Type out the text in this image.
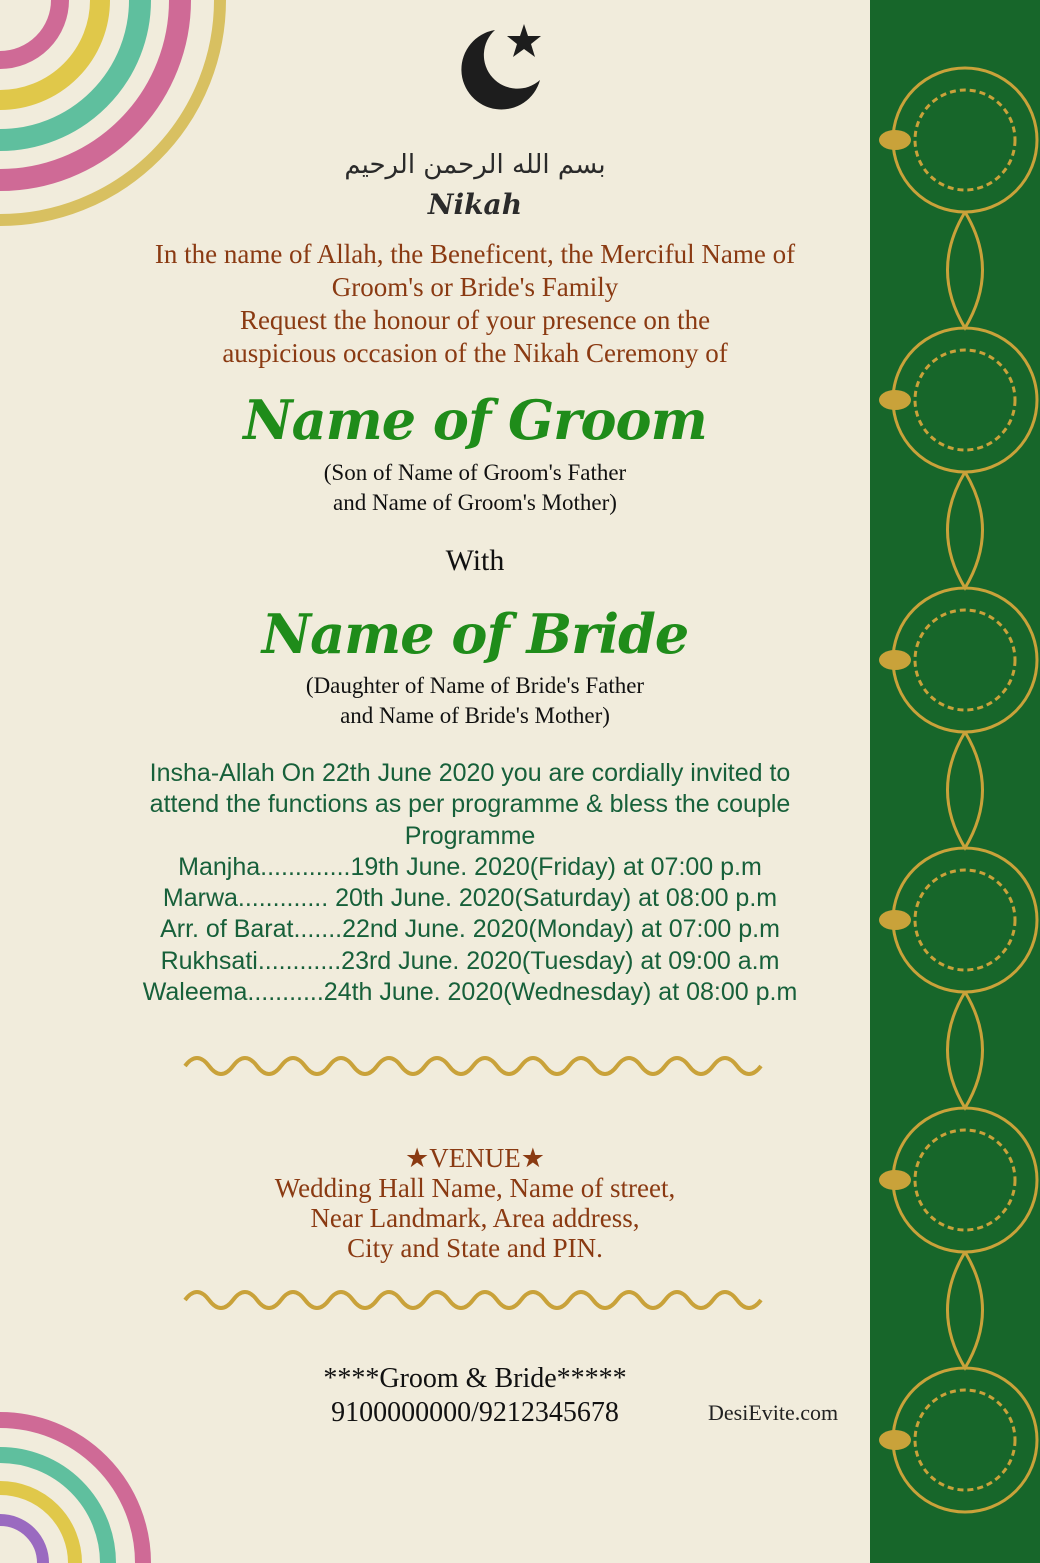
بسم الله الرحمن الرحيم
Nikah
In the name of Allah, the Beneficent, the Merciful Name of
Groom's or Bride's Family
Request the honour of your presence on the
auspicious occasion of the Nikah Ceremony of
Name of Groom
(Son of Name of Groom's Father
and Name of Groom's Mother)
With
Name of Bride
(Daughter of Name of Bride's Father
and Name of Bride's Mother)
Insha-Allah On 22th June 2020 you are cordially invited to
attend the functions as per programme & bless the couple
Programme
Manjha.............19th June. 2020(Friday) at 07:00 p.m
Marwa............. 20th June. 2020(Saturday) at 08:00 p.m
Arr. of Barat.......22nd June. 2020(Monday) at 07:00 p.m
Rukhsati............23rd June. 2020(Tuesday) at 09:00 a.m
Waleema...........24th June. 2020(Wednesday) at 08:00 p.m
★VENUE★
Wedding Hall Name, Name of street,
Near Landmark, Area address,
City and State and PIN.
****Groom & Bride*****
9100000000/9212345678	DesiEvite.com
